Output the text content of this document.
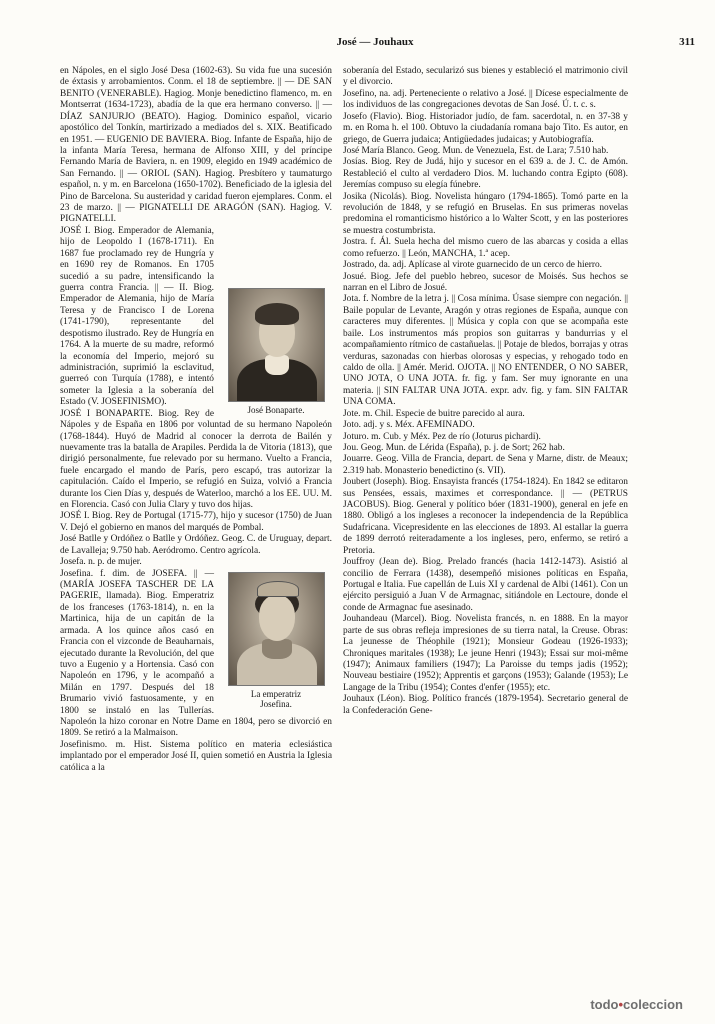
José — Jouhaux	311

en Nápoles, en el siglo José Desa (1602-63). Su vida fue una sucesión de éxtasis y arrobamientos. Conm. el 18 de septiembre. || — DE SAN BENITO (VENERABLE). Hagiog. Monje benedictino flamenco, m. en Montserrat (1634-1723), abadía de la que era hermano converso. || — DÍAZ SANJURJO (BEATO). Hagiog. Dominico español, vicario apostólico del Tonkín, martirizado a mediados del s. XIX. Beatificado en 1951. — EUGENIO DE BAVIERA. Biog. Infante de España, hijo de la infanta María Teresa, hermana de Alfonso XIII, y del príncipe Fernando María de Baviera, n. en 1909, elegido en 1949 académico de San Fernando. || — ORIOL (SAN). Hagiog. Presbítero y taumaturgo español, n. y m. en Barcelona (1650-1702). Beneficiado de la iglesia del Pino de Barcelona. Su austeridad y caridad fueron ejemplares. Conm. el 23 de marzo. || — PIGNATELLI DE ARAGÓN (SAN). Hagiog. V. PIGNATELLI.

José Bonaparte.

JOSÉ I. Biog. Emperador de Alemania, hijo de Leopoldo I (1678-1711). En 1687 fue proclamado rey de Hungría y en 1690 rey de Romanos. En 1705 sucedió a su padre, intensificando la guerra contra Francia. || — II. Biog. Emperador de Alemania, hijo de María Teresa y de Francisco I de Lorena (1741-1790), representante del despotismo ilustrado. Rey de Hungría en 1764. A la muerte de su madre, reformó la economía del Imperio, mejoró su administración, suprimió la esclavitud, guerreó con Turquía (1788), e intentó someter la Iglesia a la soberanía del Estado (V. JOSEFINISMO).

JOSÉ I BONAPARTE. Biog. Rey de Nápoles y de España en 1806 por voluntad de su hermano Napoleón (1768-1844). Huyó de Madrid al conocer la derrota de Bailén y nuevamente tras la batalla de Arapiles. Perdida la de Vitoria (1813), que dirigió personalmente, fue relevado por su hermano. Vuelto a Francia, fuele encargado el mando de París, pero escapó, tras autorizar la capitulación. Caído el Imperio, se refugió en Suiza, volvió a Francia durante los Cien Días y, después de Waterloo, marchó a los EE. UU. M. en Florencia. Casó con Julia Clary y tuvo dos hijas.

JOSÉ I. Biog. Rey de Portugal (1715-77), hijo y sucesor (1750) de Juan V. Dejó el gobierno en manos del marqués de Pombal.

José Batlle y Ordóñez o Batlle y Ordóñez. Geog. C. de Uruguay, depart. de Lavalleja; 9.750 hab. Aeródromo. Centro agrícola.

Josefa. n. p. de mujer.

La emperatriz
Josefina.

Josefina. f. dim. de JOSEFA. || — (MARÍA JOSEFA TASCHER DE LA PAGERIE, llamada). Biog. Emperatriz de los franceses (1763-1814), n. en la Martinica, hija de un capitán de la armada. A los quince años casó en Francia con el vizconde de Beauharnais, ejecutado durante la Revolución, del que tuvo a Eugenio y a Hortensia. Casó con Napoleón en 1796, y le acompañó a Milán en 1797. Después del 18 Brumario vivió fastuosamente, y en 1800 se instaló en las Tullerías. Napoleón la hizo coronar en Notre Dame en 1804, pero se divorció en 1809. Se retiró a la Malmaison.

Josefinismo. m. Hist. Sistema político en materia eclesiástica implantado por el emperador José II, quien sometió en Austria la Iglesia católica a la

soberanía del Estado, secularizó sus bienes y estableció el matrimonio civil y el divorcio.

Josefino, na. adj. Perteneciente o relativo a José. || Dícese especialmente de los individuos de las congregaciones devotas de San José. Ú. t. c. s.

Josefo (Flavio). Biog. Historiador judío, de fam. sacerdotal, n. en 37-38 y m. en Roma h. el 100. Obtuvo la ciudadanía romana bajo Tito. Es autor, en griego, de Guerra judaica; Antigüedades judaicas; y Autobiografía.

José María Blanco. Geog. Mun. de Venezuela, Est. de Lara; 7.510 hab.

Josías. Biog. Rey de Judá, hijo y sucesor en el 639 a. de J. C. de Amón. Restableció el culto al verdadero Dios. M. luchando contra Egipto (608). Jeremías compuso su elegía fúnebre.

Josika (Nicolás). Biog. Novelista húngaro (1794-1865). Tomó parte en la revolución de 1848, y se refugió en Bruselas. En sus primeras novelas predomina el romanticismo histórico a lo Walter Scott, y en las posteriores se muestra costumbrista.

Jostra. f. Ál. Suela hecha del mismo cuero de las abarcas y cosida a ellas como refuerzo. || León, MANCHA, 1.ª acep.

Jostrado, da. adj. Aplícase al virote guarnecido de un cerco de hierro.

Josué. Biog. Jefe del pueblo hebreo, sucesor de Moisés. Sus hechos se narran en el Libro de Josué.

Jota. f. Nombre de la letra j. || Cosa mínima. Úsase siempre con negación. || Baile popular de Levante, Aragón y otras regiones de España, aunque con caracteres muy diferentes. || Música y copla con que se acompaña este baile. Los instrumentos más propios son guitarras y bandurrias y el acompañamiento rítmico de castañuelas. || Potaje de bledos, borrajas y otras verduras, sazonadas con hierbas olorosas y especias, y rehogado todo en caldo de olla. || Amér. Merid. OJOTA. || NO ENTENDER, O NO SABER, UNO JOTA, O UNA JOTA. fr. fig. y fam. Ser muy ignorante en una materia. || SIN FALTAR UNA JOTA. expr. adv. fig. y fam. SIN FALTAR UNA COMA.

Jote. m. Chil. Especie de buitre parecido al aura.

Joto. adj. y s. Méx. AFEMINADO.

Joturo. m. Cub. y Méx. Pez de río (Joturus pichardi).

Jou. Geog. Mun. de Lérida (España), p. j. de Sort; 262 hab.

Jouarre. Geog. Villa de Francia, depart. de Sena y Marne, distr. de Meaux; 2.319 hab. Monasterio benedictino (s. VII).

Joubert (Joseph). Biog. Ensayista francés (1754-1824). En 1842 se editaron sus Pensées, essais, maximes et correspondance. || — (PETRUS JACOBUS). Biog. General y político bóer (1831-1900), general en jefe en 1880. Obligó a los ingleses a reconocer la independencia de la República Sudafricana. Vicepresidente en las elecciones de 1893. Al estallar la guerra de 1899 derrotó reiteradamente a los ingleses, pero, enfermo, se retiró a Pretoria.

Jouffroy (Jean de). Biog. Prelado francés (hacia 1412-1473). Asistió al concilio de Ferrara (1438), desempeñó misiones políticas en España, Portugal e Italia. Fue capellán de Luis XI y cardenal de Albi (1461). Con un ejército persiguió a Juan V de Armagnac, sitiándole en Lectoure, donde el conde de Armagnac fue asesinado.

Jouhandeau (Marcel). Biog. Novelista francés, n. en 1888. En la mayor parte de sus obras refleja impresiones de su tierra natal, la Creuse. Obras: La jeunesse de Théophile (1921); Monsieur Godeau (1926-1933); Chroniques maritales (1938); Le jeune Henri (1943); Essai sur moi-même (1947); Animaux familiers (1947); La Paroisse du temps jadis (1952); Nouveau bestiaire (1952); Apprentis et garçons (1953); Galande (1953); Le Langage de la Tribu (1954); Contes d'enfer (1955); etc.

Jouhaux (Léon). Biog. Político francés (1879-1954). Secretario general de la Confederación Gene-

todo•coleccion
